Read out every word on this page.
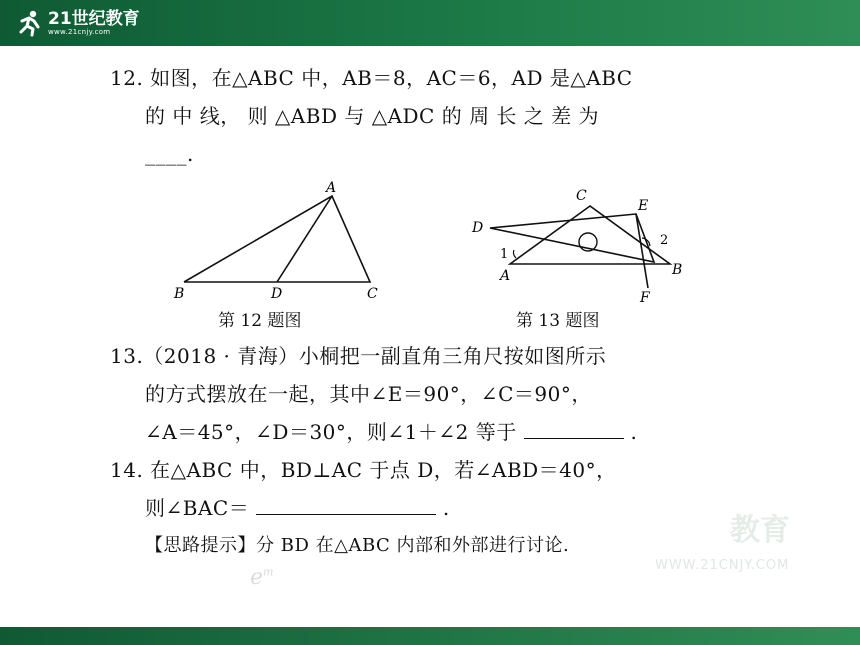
21世纪教育
www.21cnjy.com
教育
WWW.21CNJY.COM
$e^m$
12. 如图，在△ABC 中，AB＝8，AC＝6，AD 是△ABC
的 中 线， 则 △ABD 与 △ADC 的 周 长 之 差 为
____.
A
B	D	C
第 12 题图
C
E
D
A	B
F
1
2
第 13 题图
13.（2018 · 青海）小桐把一副直角三角尺按如图所示
的方式摆放在一起，其中∠E＝90°，∠C＝90°，
∠A＝45°，∠D＝30°，则∠1＋∠2 等于	.
14. 在△ABC 中，BD⊥AC 于点 D，若∠ABD＝40°，
则∠BAC＝	.
【思路提示】分 BD 在△ABC 内部和外部进行讨论.
